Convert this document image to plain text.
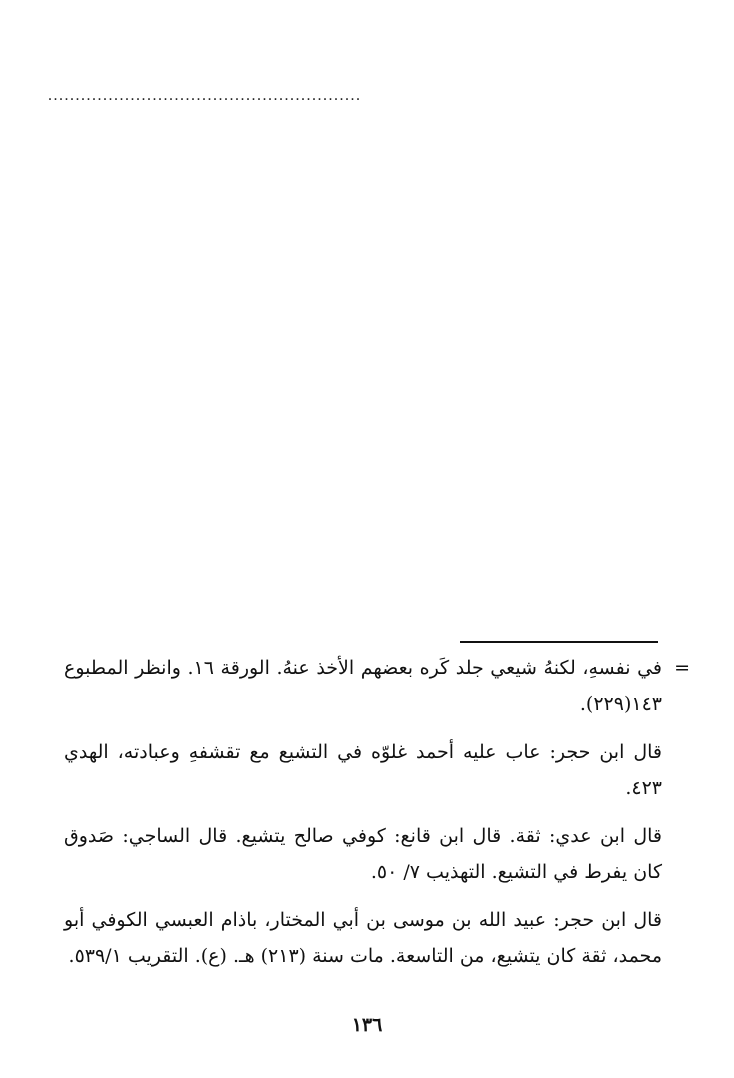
.........................................................

=
في نفسهِ، لكنهُ شيعي جلد كَره بعضهم الأخذ عنهُ. الورقة ١٦. وانظر المطبوع ١٤٣(٢٢٩).

قال ابن حجر: عاب عليه أحمد غلوّه في التشيع مع تقشفهِ وعبادته، الهدي ٤٢٣.

قال ابن عدي: ثقة. قال ابن قانع: كوفي صالح يتشيع. قال الساجي: صَدوق كان يفرط في التشيع. التهذيب ٧/ ٥٠.

قال ابن حجر: عبيد الله بن موسى بن أبي المختار، باذام العبسي الكوفي أبو محمد، ثقة كان يتشيع، من التاسعة. مات سنة (٢١٣) هـ. (ع). التقريب ٥٣٩/١.

١٣٦
